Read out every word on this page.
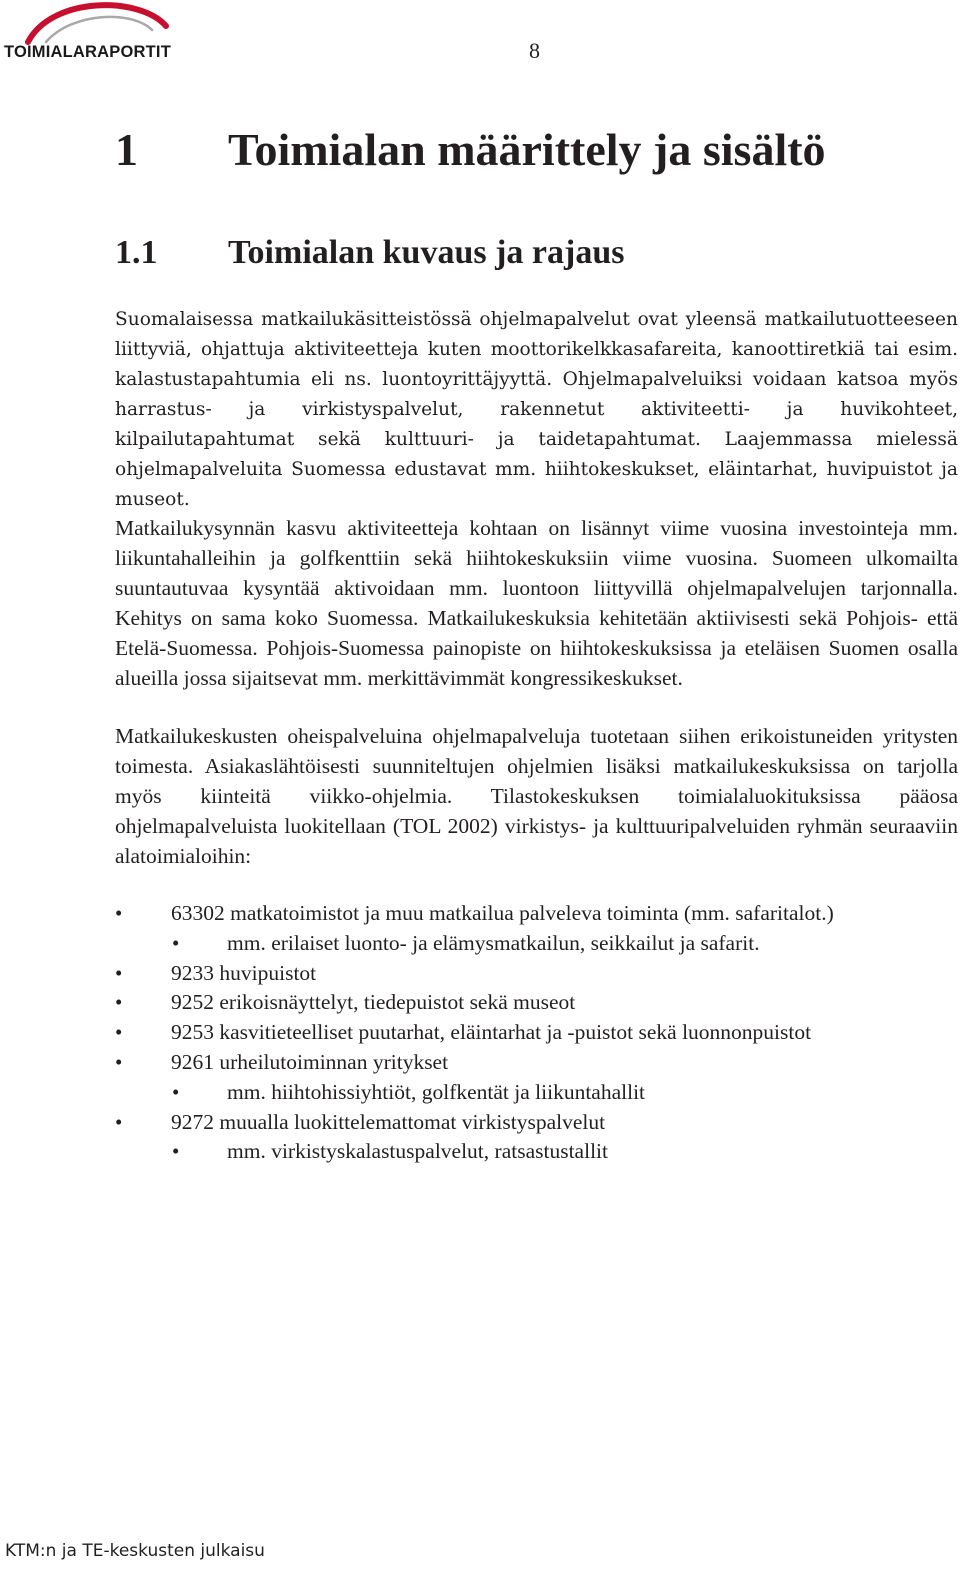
TOIMIALARAPORTIT	8
1 Toimialan määrittely ja sisältö
1.1 Toimialan kuvaus ja rajaus

Suomalaisessa matkailukäsitteistössä ohjelmapalvelut ovat yleensä matkailutuotteeseen liittyviä, ohjattuja aktiviteetteja kuten moottorikelkkasafareita, kanoottiretkiä tai esim. kalastustapahtumia eli ns. luontoyrittäjyyttä. Ohjelmapalveluiksi voidaan katsoa myös harrastus- ja virkistyspalvelut, rakennetut aktiviteetti- ja huvikohteet, kilpailutapahtumat sekä kulttuuri- ja taidetapahtumat. Laajemmassa mielessä ohjelmapalveluita Suomessa edustavat mm. hiihtokeskukset, eläintarhat, huvipuistot ja museot.

Matkailukysynnän kasvu aktiviteetteja kohtaan on lisännyt viime vuosina investointeja mm. liikuntahalleihin ja golfkenttiin sekä hiihtokeskuksiin viime vuosina. Suomeen ulkomailta suuntautuvaa kysyntää aktivoidaan mm. luontoon liittyvillä ohjelmapalvelujen tarjonnalla. Kehitys on sama koko Suomessa. Matkailukeskuksia kehitetään aktiivisesti sekä Pohjois- että Etelä-Suomessa. Pohjois-Suomessa painopiste on hiihtokeskuksissa ja eteläisen Suomen osalla alueilla jossa sijaitsevat mm. merkittävimmät kongressikeskukset.

Matkailukeskusten oheispalveluina ohjelmapalveluja tuotetaan siihen erikoistuneiden yritysten toimesta. Asiakaslähtöisesti suunniteltujen ohjelmien lisäksi matkailukeskuksissa on tarjolla myös kiinteitä viikko-ohjelmia. Tilastokeskuksen toimialaluokituksissa pääosa ohjelmapalveluista luokitellaan (TOL 2002) virkistys- ja kulttuuripalveluiden ryhmän seuraaviin alatoimialoihin:

• 63302 matkatoimistot ja muu matkailua palveleva toiminta (mm. safaritalot.)
• mm. erilaiset luonto- ja elämysmatkailun, seikkailut ja safarit.
• 9233 huvipuistot
• 9252 erikoisnäyttelyt, tiedepuistot sekä museot
• 9253 kasvitieteelliset puutarhat, eläintarhat ja -puistot sekä luonnonpuistot
• 9261 urheilutoiminnan yritykset
• mm. hiihtohissiyhtiöt, golfkentät ja liikuntahallit
• 9272 muualla luokittelemattomat virkistyspalvelut
• mm. virkistyskalastuspalvelut, ratsastustallit
KTM:n ja TE-keskusten julkaisu
